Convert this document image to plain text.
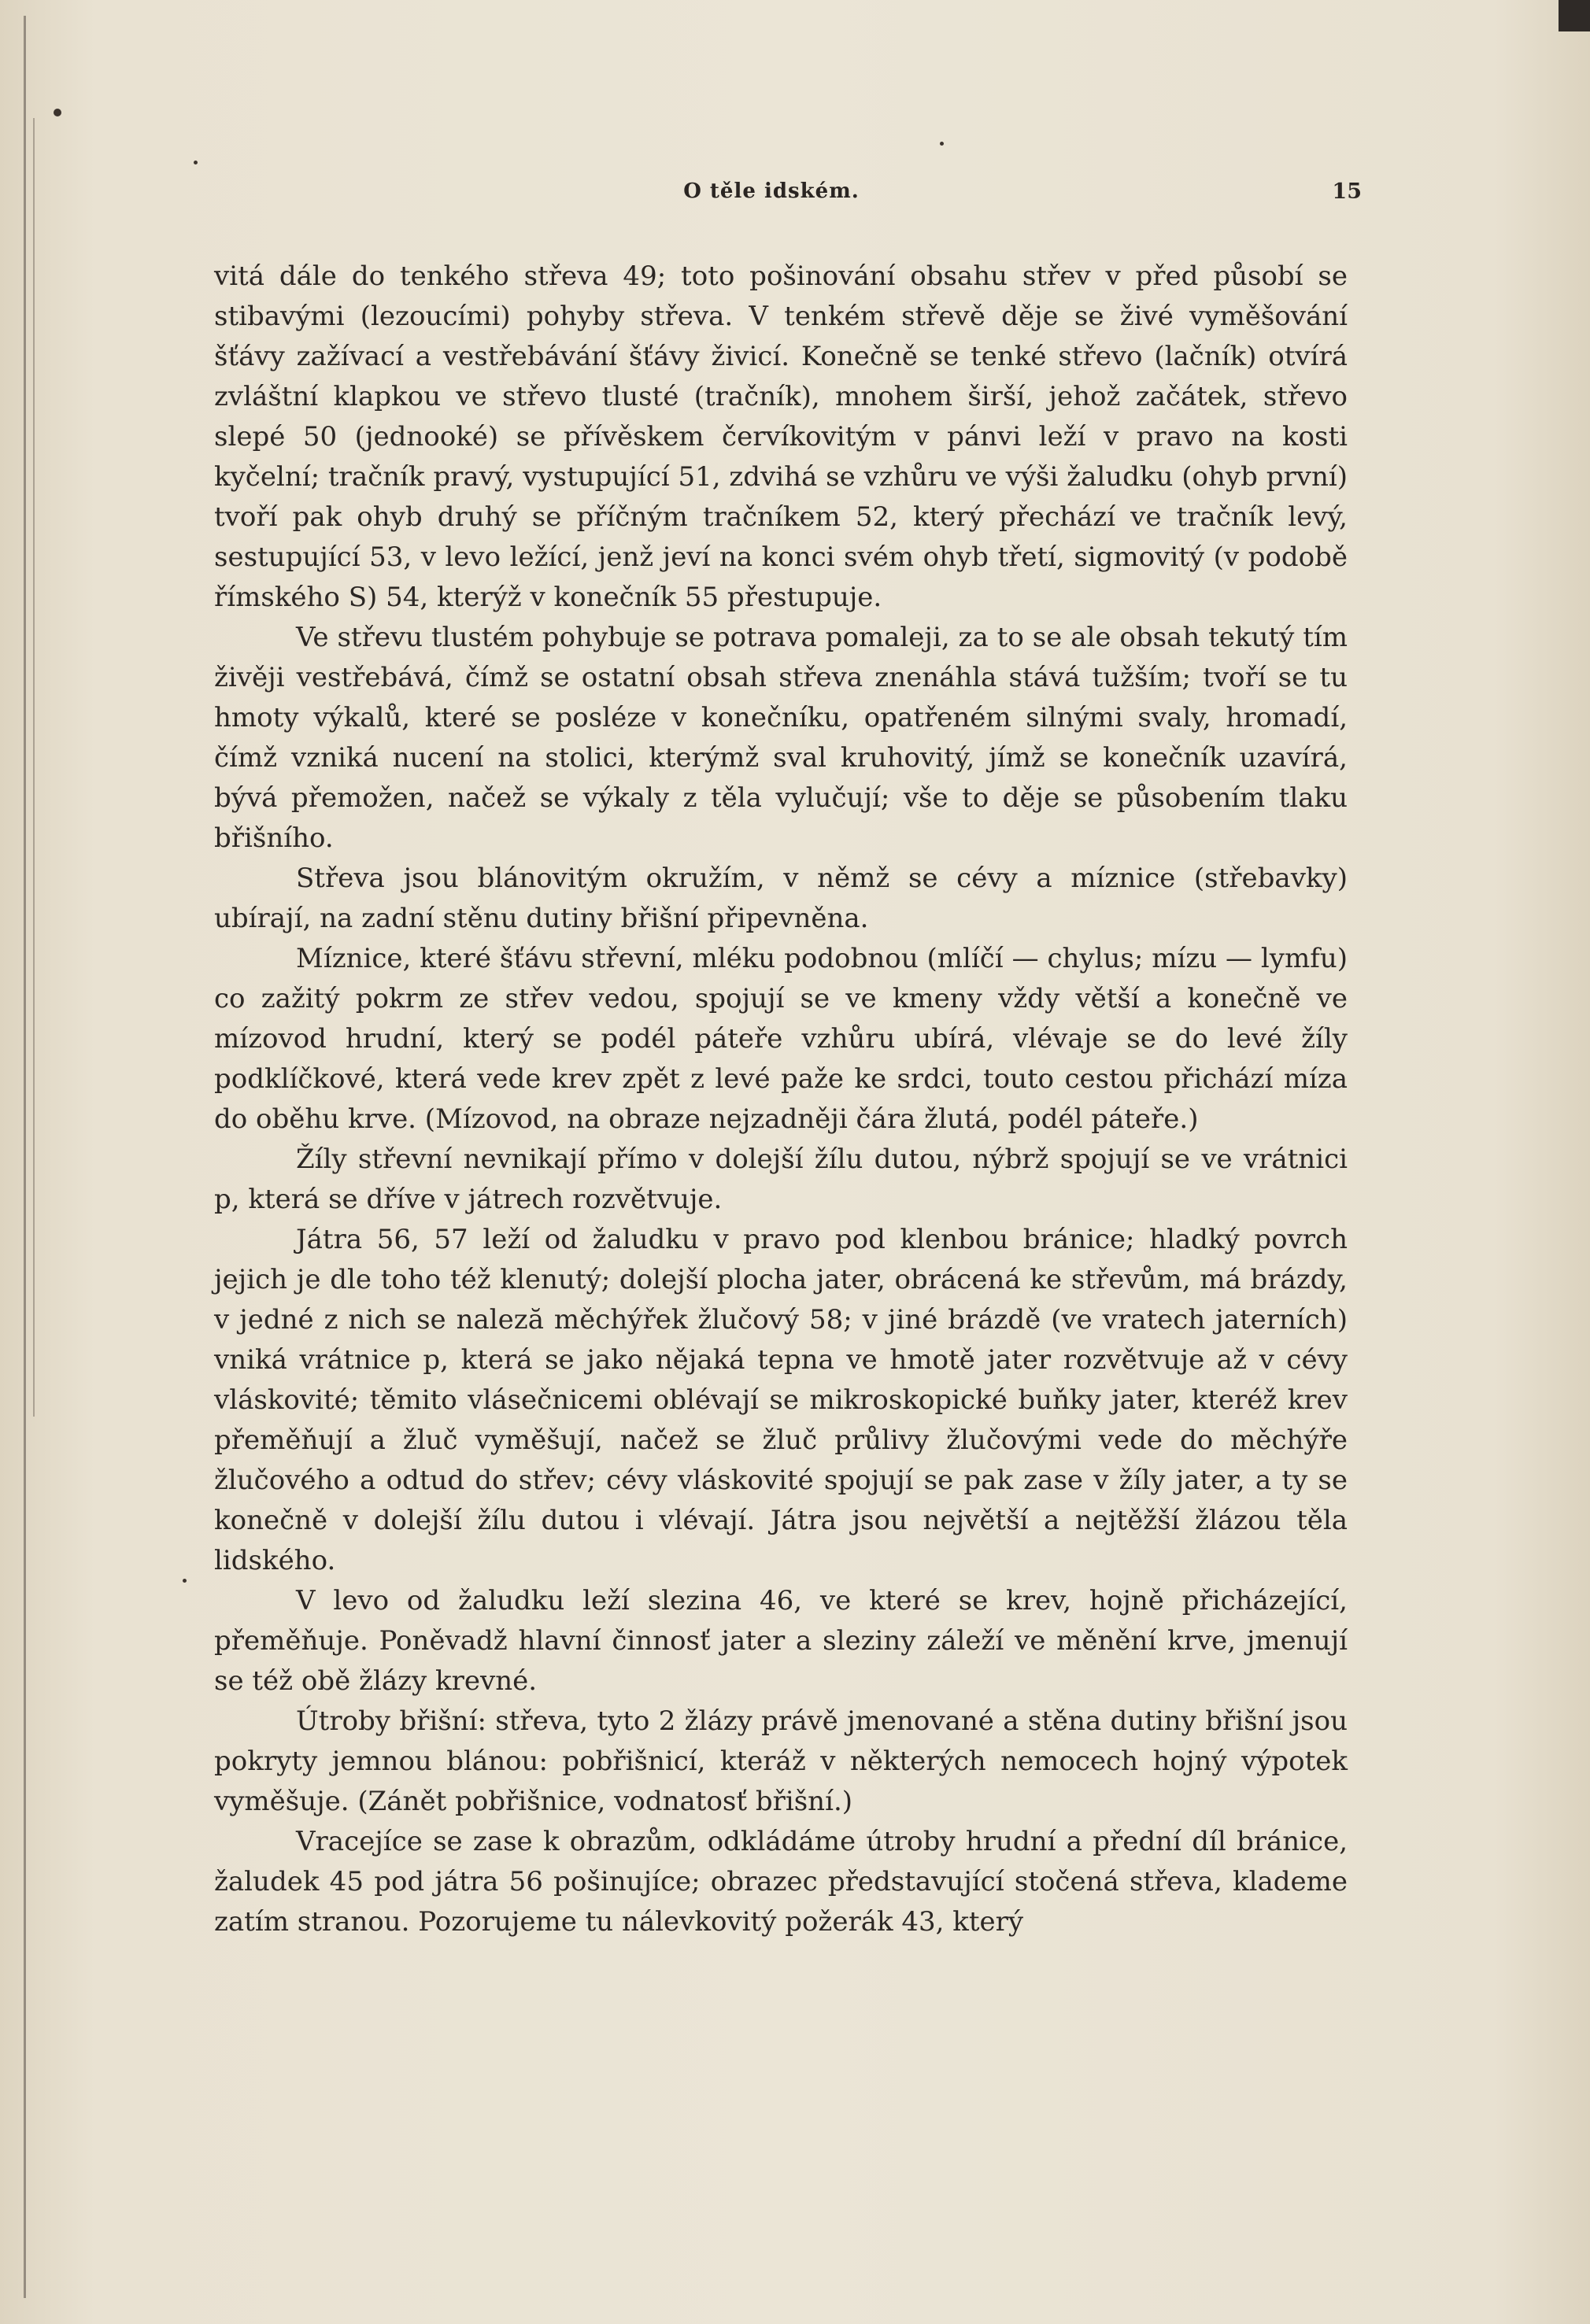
O těle idském.	15

vitá dále do tenkého střeva 49; toto pošinování obsahu střev v před působí se stibavými (lezoucími) pohyby střeva. V tenkém střevě děje se živé vyměšování šťávy zažívací a vestřebávání šťávy živicí. Konečně se tenké střevo (lačník) otvírá zvláštní klapkou ve střevo tlusté (tračník), mnohem širší, jehož začátek, střevo slepé 50 (jednooké) se přívěskem červíkovitým v pánvi leží v pravo na kosti kyčelní; tračník pravý, vystupující 51, zdvihá se vzhůru ve výši žaludku (ohyb první) tvoří pak ohyb druhý se příčným tračníkem 52, který přechází ve tračník levý, sestupující 53, v levo ležící, jenž jeví na konci svém ohyb třetí, sigmovitý (v podobě římského S) 54, kterýž v konečník 55 přestupuje.

Ve střevu tlustém pohybuje se potrava pomaleji, za to se ale obsah tekutý tím živěji vestřebává, čímž se ostatní obsah střeva znenáhla stává tužším; tvoří se tu hmoty výkalů, které se posléze v konečníku, opatřeném silnými svaly, hromadí, čímž vzniká nucení na stolici, kterýmž sval kruhovitý, jímž se konečník uzavírá, bývá přemožen, načež se výkaly z těla vylučují; vše to děje se působením tlaku břišního.

Střeva jsou blánovitým okružím, v němž se cévy a míznice (střebavky) ubírají, na zadní stěnu dutiny břišní připevněna.

Míznice, které šťávu střevní, mléku podobnou (mlíčí — chylus; mízu — lymfu) co zažitý pokrm ze střev vedou, spojují se ve kmeny vždy větší a konečně ve mízovod hrudní, který se podél páteře vzhůru ubírá, vlévaje se do levé žíly podklíčkové, která vede krev zpět z levé paže ke srdci, touto cestou přichází míza do oběhu krve. (Mízovod, na obraze nejzadněji čára žlutá, podél páteře.)

Žíly střevní nevnikají přímo v dolejší žílu dutou, nýbrž spojují se ve vrátnici p, která se dříve v játrech rozvětvuje.

Játra 56, 57 leží od žaludku v pravo pod klenbou bránice; hladký povrch jejich je dle toho též klenutý; dolejší plocha jater, obrácená ke střevům, má brázdy, v jedné z nich se naleză měchýřek žlučový 58; v jiné brázdě (ve vratech jaterních) vniká vrátnice p, která se jako nějaká tepna ve hmotě jater rozvětvuje až v cévy vláskovité; těmito vlásečnicemi oblévají se mikroskopické buňky jater, kteréž krev přeměňují a žluč vyměšují, načež se žluč průlivy žlučovými vede do měchýře žlučového a odtud do střev; cévy vláskovité spojují se pak zase v žíly jater, a ty se konečně v dolejší žílu dutou i vlévají. Játra jsou největší a nejtěžší žlázou těla lidského.

V levo od žaludku leží slezina 46, ve které se krev, hojně přicházející, přeměňuje. Poněvadž hlavní činnosť jater a sleziny záleží ve měnění krve, jmenují se též obě žlázy krevné.

Útroby břišní: střeva, tyto 2 žlázy právě jmenované a stěna dutiny břišní jsou pokryty jemnou blánou: pobřišnicí, kteráž v některých nemocech hojný výpotek vyměšuje. (Zánět pobřišnice, vodnatosť břišní.)

Vracejíce se zase k obrazům, odkládáme útroby hrudní a přední díl bránice, žaludek 45 pod játra 56 pošinujíce; obrazec představující stočená střeva, klademe zatím stranou. Pozorujeme tu nálevkovitý požerák 43, který
